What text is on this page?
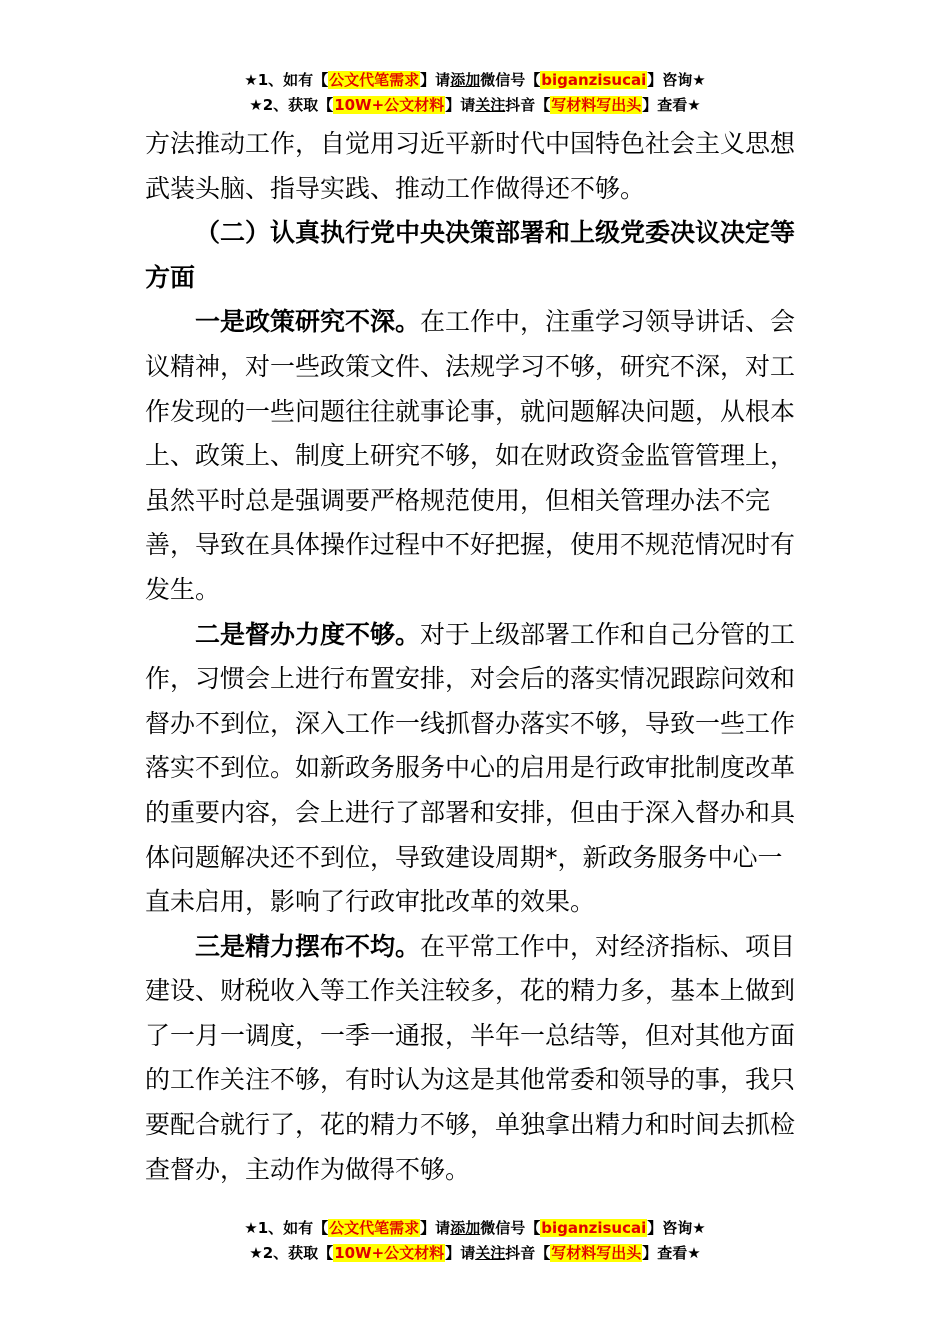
★1、如有【公文代笔需求】请添加微信号【biganzisucai】咨询★
★2、获取【10W+公文材料】请关注抖音【写材料写出头】查看★

方法推动工作，自觉用习近平新时代中国特色社会主义思想武装头脑、指导实践、推动工作做得还不够。

（二）认真执行党中央决策部署和上级党委决议决定等方面

一是政策研究不深。在工作中，注重学习领导讲话、会议精神，对一些政策文件、法规学习不够，研究不深，对工作发现的一些问题往往就事论事，就问题解决问题，从根本上、政策上、制度上研究不够，如在财政资金监管管理上，虽然平时总是强调要严格规范使用，但相关管理办法不完善，导致在具体操作过程中不好把握，使用不规范情况时有发生。

二是督办力度不够。对于上级部署工作和自己分管的工作，习惯会上进行布置安排，对会后的落实情况跟踪问效和督办不到位，深入工作一线抓督办落实不够，导致一些工作落实不到位。如新政务服务中心的启用是行政审批制度改革的重要内容，会上进行了部署和安排，但由于深入督办和具体问题解决还不到位，导致建设周期*，新政务服务中心一直未启用，影响了行政审批改革的效果。

三是精力摆布不均。在平常工作中，对经济指标、项目建设、财税收入等工作关注较多，花的精力多，基本上做到了一月一调度，一季一通报，半年一总结等，但对其他方面的工作关注不够，有时认为这是其他常委和领导的事，我只要配合就行了，花的精力不够，单独拿出精力和时间去抓检查督办，主动作为做得不够。

★1、如有【公文代笔需求】请添加微信号【biganzisucai】咨询★
★2、获取【10W+公文材料】请关注抖音【写材料写出头】查看★
